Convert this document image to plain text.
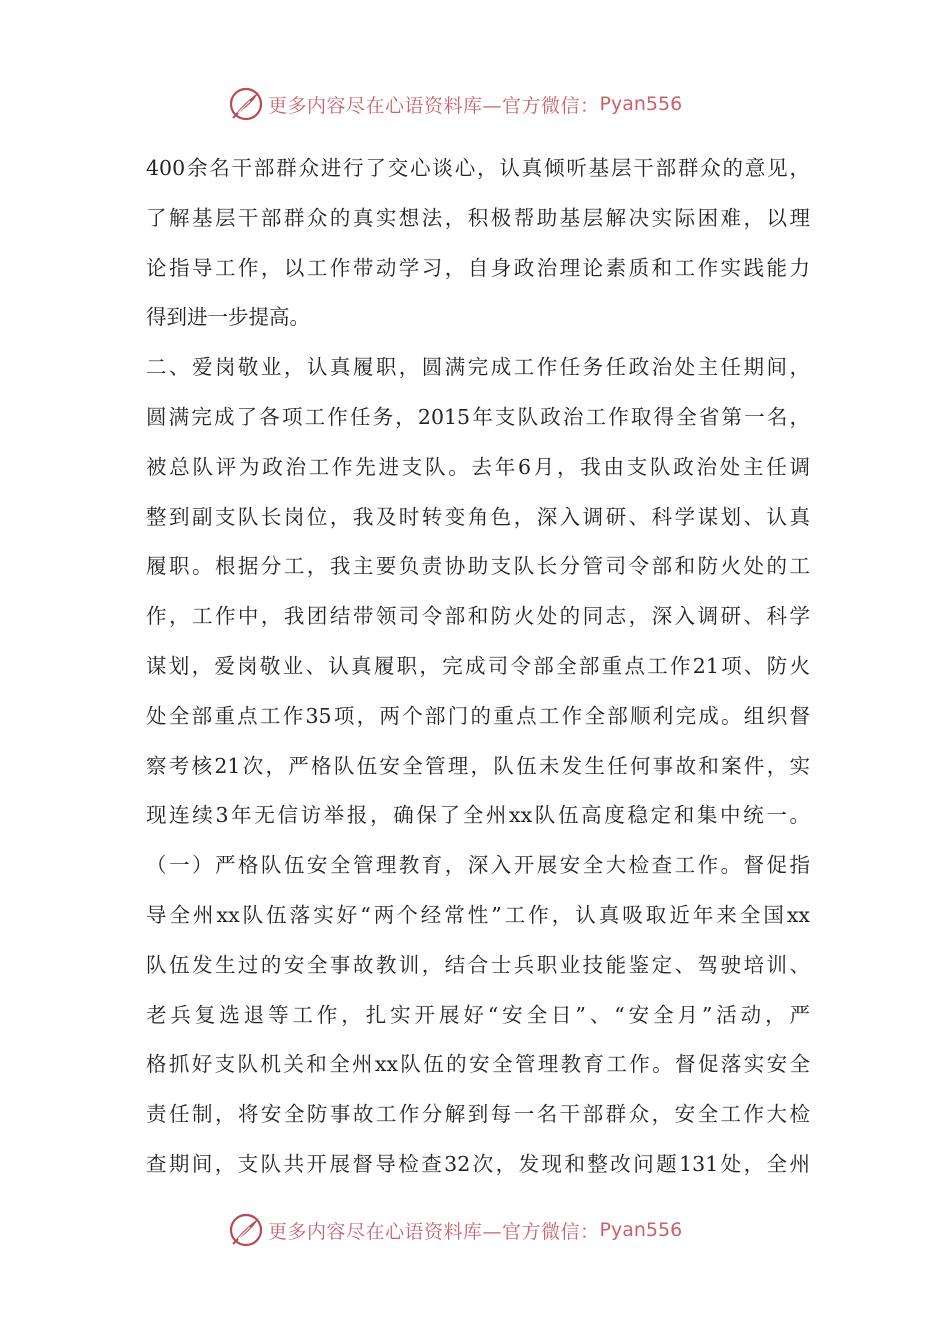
更多内容尽在心语资料库—官方微信： Pyan556
400余名干部群众进行了交心谈心，认真倾听基层干部群众的意见，
了解基层干部群众的真实想法，积极帮助基层解决实际困难，以理
论指导工作，以工作带动学习，自身政治理论素质和工作实践能力
得到进一步提高。
二、爱岗敬业，认真履职，圆满完成工作任务任政治处主任期间，
圆满完成了各项工作任务，2015年支队政治工作取得全省第一名，
被总队评为政治工作先进支队。去年6月，我由支队政治处主任调
整到副支队长岗位，我及时转变角色，深入调研、科学谋划、认真
履职。根据分工，我主要负责协助支队长分管司令部和防火处的工
作，工作中，我团结带领司令部和防火处的同志，深入调研、科学
谋划，爱岗敬业、认真履职，完成司令部全部重点工作21项、防火
处全部重点工作35项，两个部门的重点工作全部顺利完成。组织督
察考核21次，严格队伍安全管理，队伍未发生任何事故和案件，实
现连续3年无信访举报，确保了全州xx队伍高度稳定和集中统一。
（一）严格队伍安全管理教育，深入开展安全大检查工作。督促指
导全州xx队伍落实好“两个经常性”工作，认真吸取近年来全国xx
队伍发生过的安全事故教训，结合士兵职业技能鉴定、驾驶培训、
老兵复选退等工作，扎实开展好“安全日”、“安全月”活动，严
格抓好支队机关和全州xx队伍的安全管理教育工作。督促落实安全
责任制，将安全防事故工作分解到每一名干部群众，安全工作大检
查期间，支队共开展督导检查32次，发现和整改问题131处，全州
更多内容尽在心语资料库—官方微信： Pyan556
